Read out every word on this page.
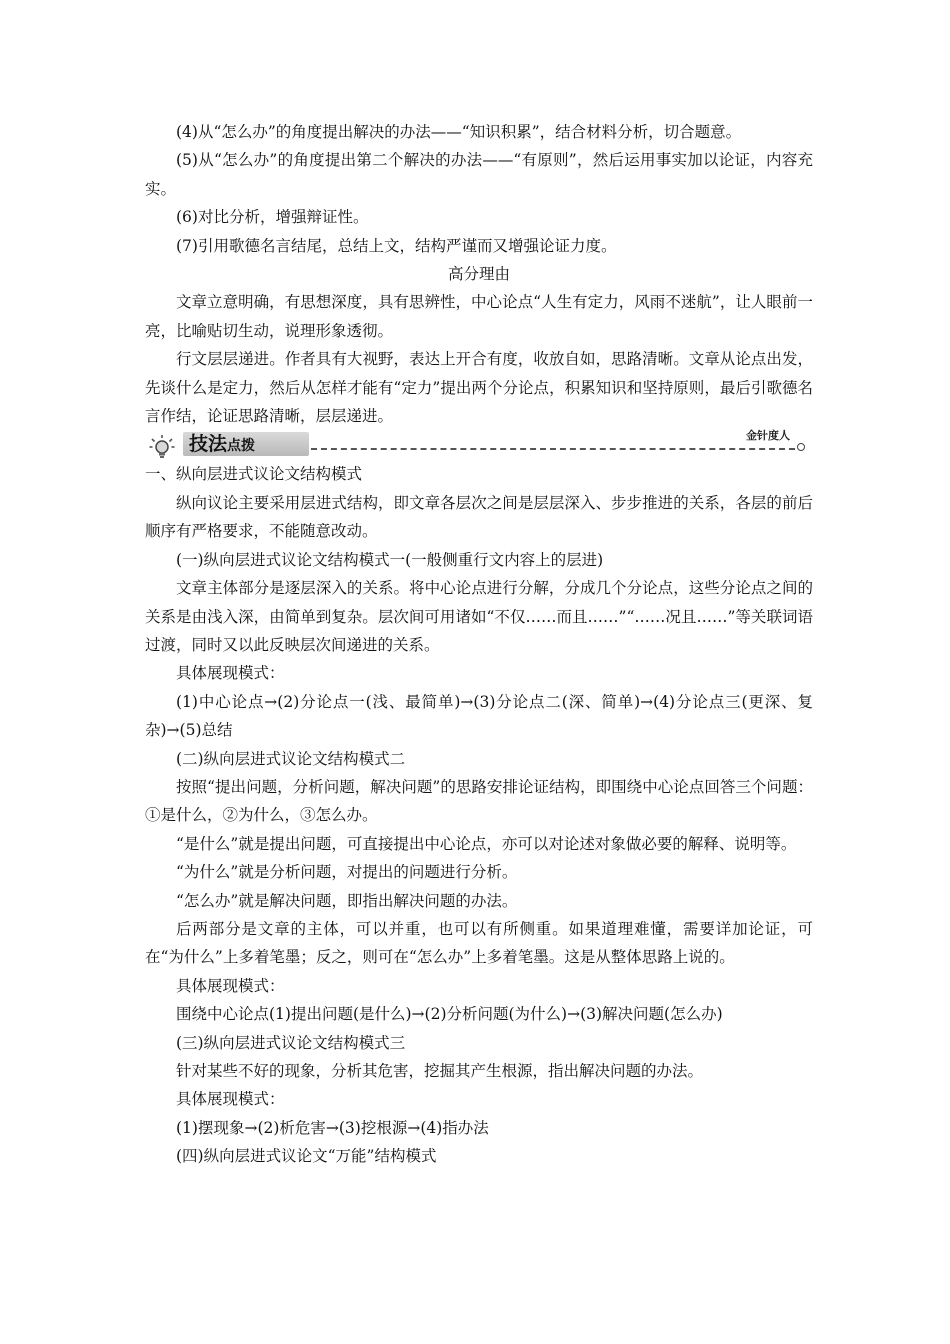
(4)从“怎么办”的角度提出解决的办法——“知识积累”，结合材料分析，切合题意。

(5)从“怎么办”的角度提出第二个解决的办法——“有原则”，然后运用事实加以论证，内容充实。

(6)对比分析，增强辩证性。

(7)引用歌德名言结尾，总结上文，结构严谨而又增强论证力度。

高分理由

文章立意明确，有思想深度，具有思辨性，中心论点“人生有定力，风雨不迷航”，让人眼前一亮，比喻贴切生动，说理形象透彻。

行文层层递进。作者具有大视野，表达上开合有度，收放自如，思路清晰。文章从论点出发，先谈什么是定力，然后从怎样才能有“定力”提出两个分论点，积累知识和坚持原则，最后引歌德名言作结，论证思路清晰，层层递进。

技法点拨
金针度人

一、纵向层进式议论文结构模式

纵向议论主要采用层进式结构，即文章各层次之间是层层深入、步步推进的关系，各层的前后顺序有严格要求，不能随意改动。

(一)纵向层进式议论文结构模式一(一般侧重行文内容上的层进)

文章主体部分是逐层深入的关系。将中心论点进行分解，分成几个分论点，这些分论点之间的关系是由浅入深，由简单到复杂。层次间可用诸如“不仅……而且……”“……况且……”等关联词语过渡，同时又以此反映层次间递进的关系。

具体展现模式：

(1)中心论点→(2)分论点一(浅、最简单)→(3)分论点二(深、简单)→(4)分论点三(更深、复杂)→(5)总结

(二)纵向层进式议论文结构模式二

按照“提出问题，分析问题，解决问题”的思路安排论证结构，即围绕中心论点回答三个问题：①是什么，②为什么，③怎么办。

“是什么”就是提出问题，可直接提出中心论点，亦可以对论述对象做必要的解释、说明等。

“为什么”就是分析问题，对提出的问题进行分析。

“怎么办”就是解决问题，即指出解决问题的办法。

后两部分是文章的主体，可以并重，也可以有所侧重。如果道理难懂，需要详加论证，可在“为什么”上多着笔墨；反之，则可在“怎么办”上多着笔墨。这是从整体思路上说的。

具体展现模式：

围绕中心论点(1)提出问题(是什么)→(2)分析问题(为什么)→(3)解决问题(怎么办)

(三)纵向层进式议论文结构模式三

针对某些不好的现象，分析其危害，挖掘其产生根源，指出解决问题的办法。

具体展现模式：

(1)摆现象→(2)析危害→(3)挖根源→(4)指办法

(四)纵向层进式议论文“万能”结构模式
